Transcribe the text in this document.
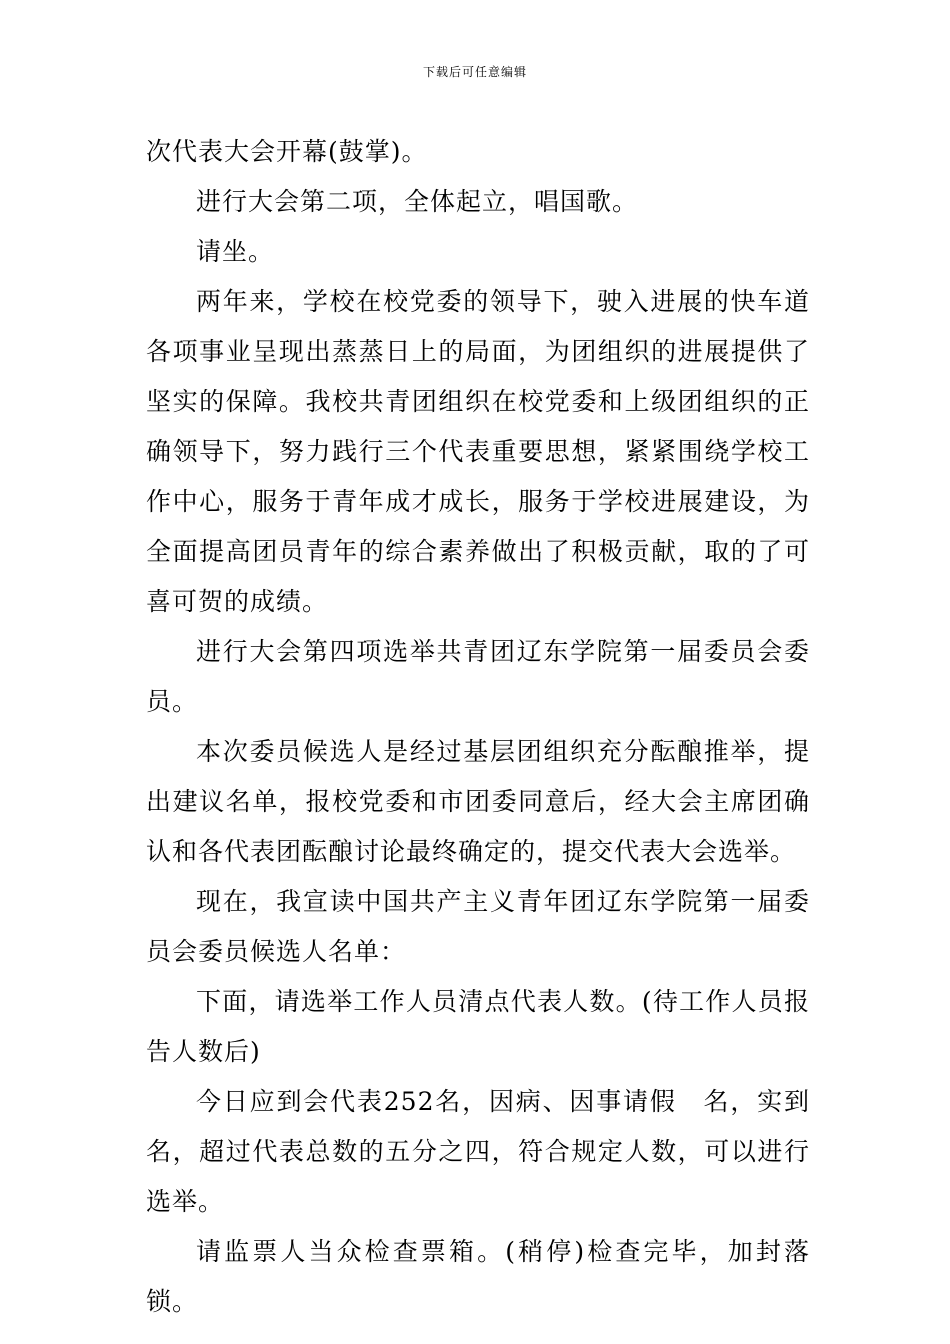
下载后可任意编辑

次代表大会开幕(鼓掌)。

进行大会第二项，全体起立，唱国歌。

请坐。

两年来，学校在校党委的领导下，驶入进展的快车道各项事业呈现出蒸蒸日上的局面，为团组织的进展提供了坚实的保障。我校共青团组织在校党委和上级团组织的正确领导下，努力践行三个代表重要思想，紧紧围绕学校工作中心，服务于青年成才成长，服务于学校进展建设，为全面提高团员青年的综合素养做出了积极贡献，取的了可喜可贺的成绩。

进行大会第四项选举共青团辽东学院第一届委员会委员。

本次委员候选人是经过基层团组织充分酝酿推举，提出建议名单，报校党委和市团委同意后，经大会主席团确认和各代表团酝酿讨论最终确定的，提交代表大会选举。

现在，我宣读中国共产主义青年团辽东学院第一届委员会委员候选人名单：

下面，请选举工作人员清点代表人数。(待工作人员报告人数后)

今日应到会代表252名，因病、因事请假　名，实到　名，超过代表总数的五分之四，符合规定人数，可以进行选举。

请监票人当众检查票箱。(稍停)检查完毕，加封落锁。
